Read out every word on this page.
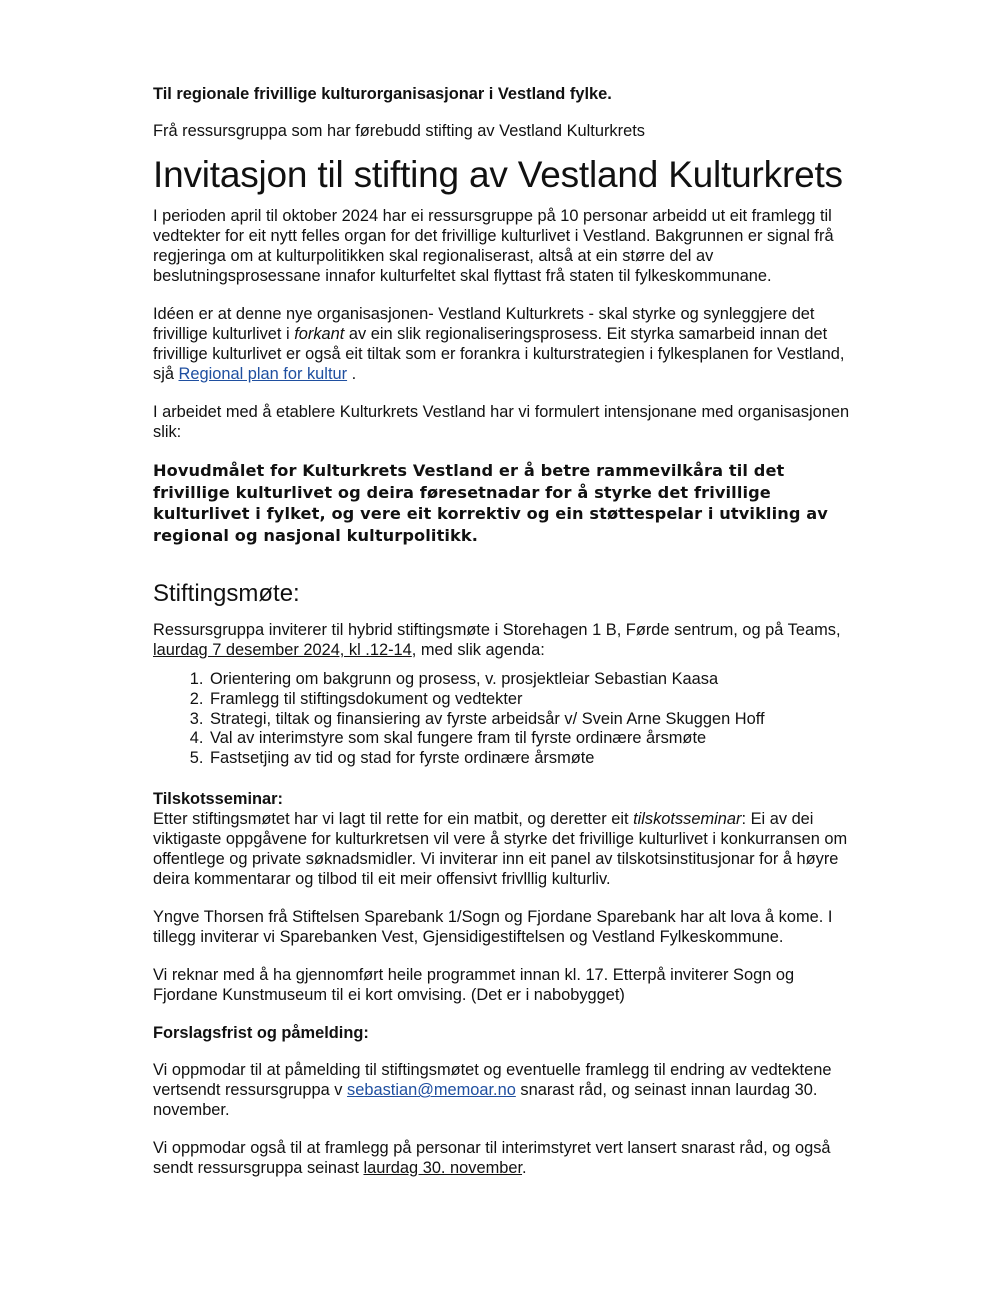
Til regionale frivillige kulturorganisasjonar i Vestland fylke.

Frå ressursgruppa som har førebudd stifting av Vestland Kulturkrets

Invitasjon til stifting av Vestland Kulturkrets

I perioden april til oktober 2024 har ei ressursgruppe på 10 personar arbeidd ut eit framlegg til vedtekter for eit nytt felles organ for det frivillige kulturlivet i Vestland. Bakgrunnen er signal frå regjeringa om at kulturpolitikken skal regionaliserast, altså at ein større del av beslutningsprosessane innafor kulturfeltet skal flyttast frå staten til fylkeskommunane.

Idéen er at denne nye organisasjonen- Vestland Kulturkrets - skal styrke og synleggjere det frivillige kulturlivet i forkant av ein slik regionaliseringsprosess. Eit styrka samarbeid innan det frivillige kulturlivet er også eit tiltak som er forankra i kulturstrategien i fylkesplanen for Vestland, sjå Regional plan for kultur .

I arbeidet med å etablere Kulturkrets Vestland har vi formulert intensjonane med organisasjonen slik:

Hovudmålet for Kulturkrets Vestland er å betre rammevilkåra til det frivillige kulturlivet og deira føresetnadar for å styrke det frivillige kulturlivet i fylket, og vere eit korrektiv og ein støttespelar i utvikling av regional og nasjonal kulturpolitikk.

Stiftingsmøte:

Ressursgruppa inviterer til hybrid stiftingsmøte i Storehagen 1 B, Førde sentrum, og på Teams, laurdag 7 desember 2024, kl .12-14, med slik agenda:

1. Orientering om bakgrunn og prosess, v. prosjektleiar Sebastian Kaasa
2. Framlegg til stiftingsdokument og vedtekter
3. Strategi, tiltak og finansiering av fyrste arbeidsår v/ Svein Arne Skuggen Hoff
4. Val av interimstyre som skal fungere fram til fyrste ordinære årsmøte
5. Fastsetjing av tid og stad for fyrste ordinære årsmøte

Tilskotsseminar:

Etter stiftingsmøtet har vi lagt til rette for ein matbit, og deretter eit tilskotsseminar: Ei av dei viktigaste oppgåvene for kulturkretsen vil vere å styrke det frivillige kulturlivet i konkurransen om offentlege og private søknadsmidler. Vi inviterar inn eit panel av tilskotsinstitusjonar for å høyre deira kommentarar og tilbod til eit meir offensivt frivlllig kulturliv.

Yngve Thorsen frå Stiftelsen Sparebank 1/Sogn og Fjordane Sparebank har alt lova å kome. I tillegg inviterar vi Sparebanken Vest, Gjensidigestiftelsen og Vestland Fylkeskommune.

Vi reknar med å ha gjennomført heile programmet innan kl. 17. Etterpå inviterer Sogn og Fjordane Kunstmuseum til ei kort omvising. (Det er i nabobygget)

Forslagsfrist og påmelding:

Vi oppmodar til at påmelding til stiftingsmøtet og eventuelle framlegg til endring av vedtektene vertsendt ressursgruppa v sebastian@memoar.no snarast råd, og seinast innan laurdag 30. november.

Vi oppmodar også til at framlegg på personar til interimstyret vert lansert snarast råd, og også sendt ressursgruppa seinast laurdag 30. november.
